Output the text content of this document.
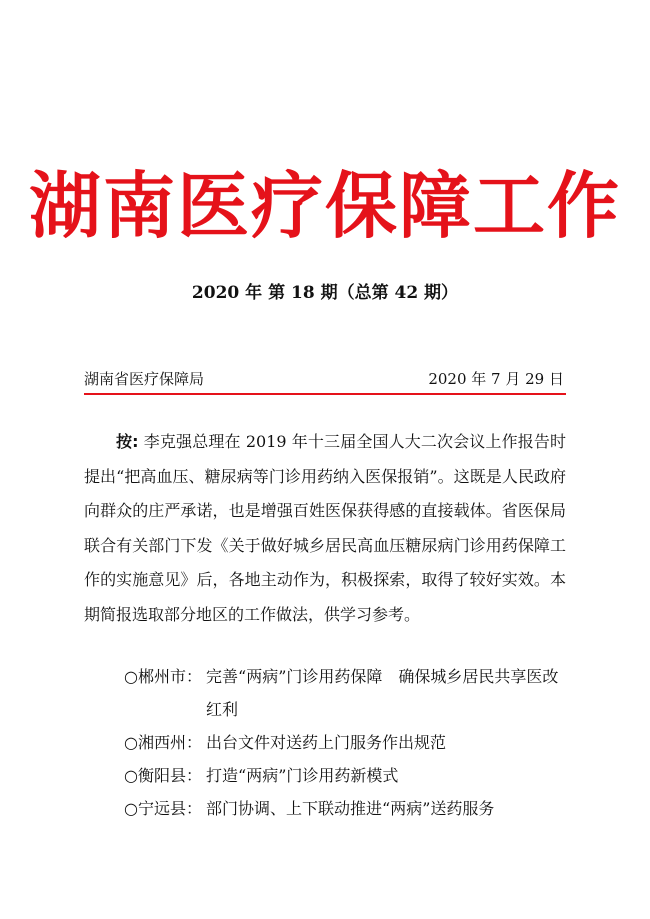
湖南医疗保障工作
2020 年 第 18 期（总第 42 期）
湖南省医疗保障局	2020 年 7 月 29 日
按: 李克强总理在 2019 年十三届全国人大二次会议上作报告时提出“把高血压、糖尿病等门诊用药纳入医保报销”。这既是人民政府向群众的庄严承诺，也是增强百姓医保获得感的直接载体。省医保局联合有关部门下发《关于做好城乡居民高血压糖尿病门诊用药保障工作的实施意见》后，各地主动作为，积极探索，取得了较好实效。本期简报选取部分地区的工作做法，供学习参考。
○ 郴州市： 完善“两病”门诊用药保障　确保城乡居民共享医改红利
○ 湘西州： 出台文件对送药上门服务作出规范
○ 衡阳县： 打造“两病”门诊用药新模式
○ 宁远县： 部门协调、上下联动推进“两病”送药服务
